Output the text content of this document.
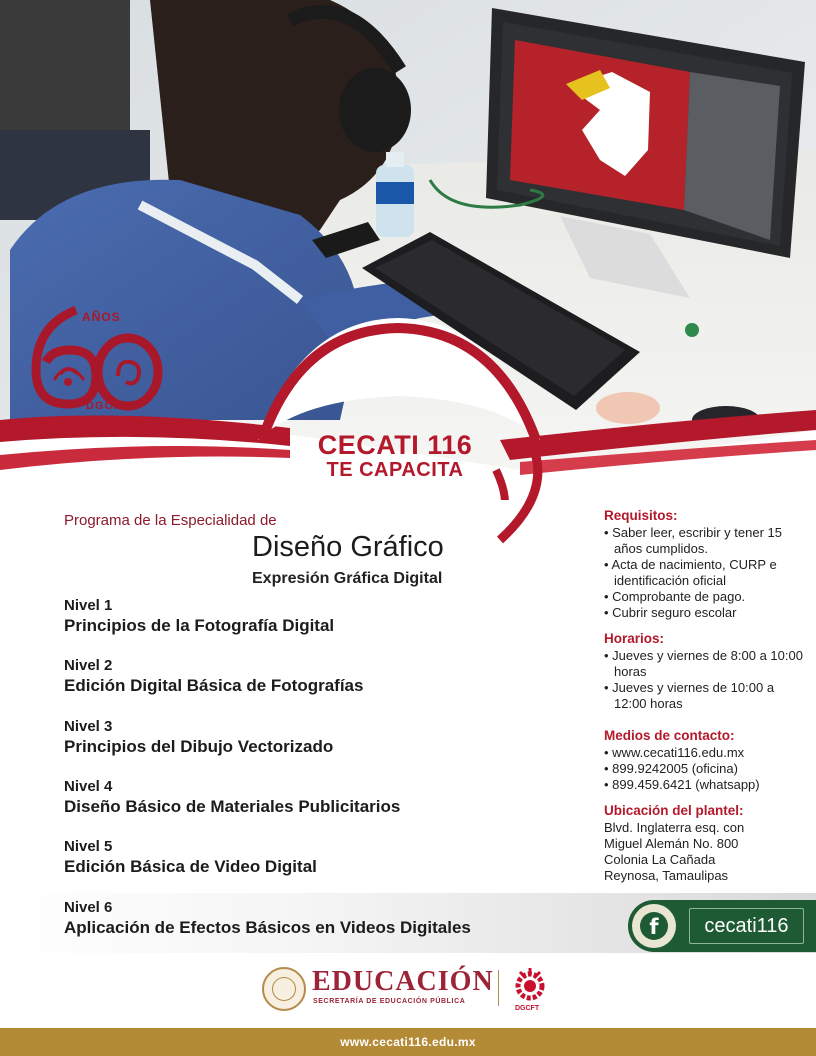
AÑOS
DGCFT
CECATI 116
TE CAPACITA
Programa de la Especialidad de
Diseño Gráfico
Expresión Gráfica Digital
Nivel 1
Principios de la Fotografía Digital
Nivel 2
Edición Digital Básica de Fotografías
Nivel 3
Principios del Dibujo Vectorizado
Nivel 4
Diseño Básico de Materiales Publicitarios
Nivel 5
Edición Básica de Video Digital
Nivel 6
Aplicación de Efectos Básicos en Videos Digitales
Requisitos:
• Saber leer, escribir y tener 15 años cumplidos.
• Acta de nacimiento, CURP e identificación oficial
• Comprobante de pago.
• Cubrir seguro escolar
Horarios:
• Jueves y viernes de 8:00 a 10:00 horas
• Jueves y viernes de 10:00 a 12:00 horas
Medios de contacto:
• www.cecati116.edu.mx
• 899.9242005 (oficina)
• 899.459.6421 (whatsapp)
Ubicación del plantel:
Blvd. Inglaterra esq. con
Miguel Alemán No. 800
Colonia La Cañada
Reynosa, Tamaulipas
f	cecati116
EDUCACIÓN
SECRETARÍA DE EDUCACIÓN PÚBLICA
DGCFT
www.cecati116.edu.mx
